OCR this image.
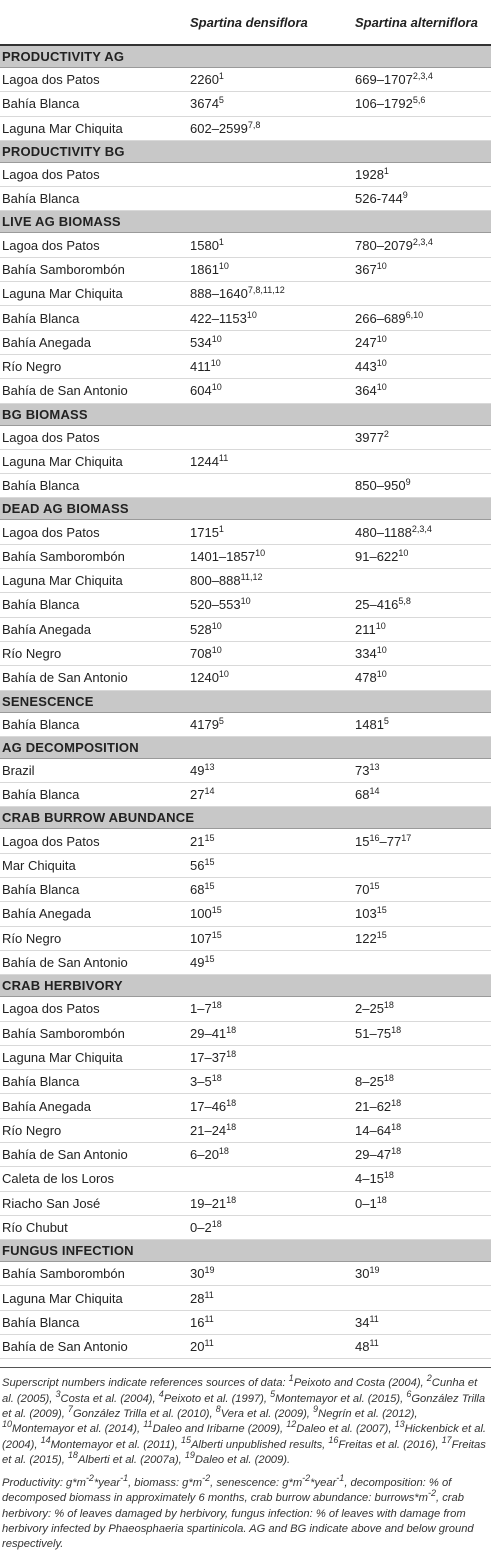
	Spartina densiflora	Spartina alterniflora
PRODUCTIVITY AG		
Lagoa dos Patos	2260$^1$	669–1707$^{2,3,4}$
Bahía Blanca	3674$^5$	106–1792$^{5,6}$
Laguna Mar Chiquita	602–2599$^{7,8}$	
PRODUCTIVITY BG		
Lagoa dos Patos		1928$^1$
Bahía Blanca		$526-744^9$
LIVE AG BIOMASS		
Lagoa dos Patos	1580$^1$	780–2079$^{2,3,4}$
Bahía Samborombón	1861$^{10}$	$367^{10}$
Laguna Mar Chiquita	888–1640$^{7,8,11,12}$	
Bahía Blanca	422–1153$^{10}$	266–689$^{6,10}$
Bahía Anegada	$534^{10}$	$247^{10}$
Río Negro	$411^{10}$	$443^{10}$
Bahía de San Antonio	$604^{10}$	$364^{10}$
BG BIOMASS		
Lagoa dos Patos		3977$^2$
Laguna Mar Chiquita	1244$^{11}$	
Bahía Blanca		$850-950^9$
DEAD AG BIOMASS		
Lagoa dos Patos	1715$^1$	480–1188$^{2,3,4}$
Bahía Samborombón	1401–1857$^{10}$	$91-622^{10}$
Laguna Mar Chiquita	800–888$^{11,12}$	
Bahía Blanca	$520-553^{10}$	25–416$^{5,8}$
Bahía Anegada	$528^{10}$	$211^{10}$
Río Negro	$708^{10}$	$334^{10}$
Bahía de San Antonio	1240$^{10}$	$478^{10}$
SENESCENCE		
Bahía Blanca	4179$^5$	1481$^5$
AG DECOMPOSITION		
Brazil	$49^{13}$	$73^{13}$
Bahía Blanca	$27^{14}$	$68^{14}$
CRAB BURROW ABUNDANCE		
Lagoa dos Patos	$21^{15}$	$15^{16}-77^{17}$
Mar Chiquita	$56^{15}$	
Bahía Blanca	$68^{15}$	$70^{15}$
Bahía Anegada	$100^{15}$	$103^{15}$
Río Negro	$107^{15}$	$122^{15}$
Bahía de San Antonio	$49^{15}$	
CRAB HERBIVORY		
Lagoa dos Patos	$1-7^{18}$	$2-25^{18}$
Bahía Samborombón	$29-41^{18}$	$51-75^{18}$
Laguna Mar Chiquita	$17-37^{18}$	
Bahía Blanca	$3-5^{18}$	$8-25^{18}$
Bahía Anegada	$17-46^{18}$	$21-62^{18}$
Río Negro	$21-24^{18}$	$14-64^{18}$
Bahía de San Antonio	$6-20^{18}$	$29-47^{18}$
Caleta de los Loros		$4-15^{18}$
Riacho San José	$19-21^{18}$	$0-1^{18}$
Río Chubut	$0-2^{18}$	
FUNGUS INFECTION		
Bahía Samborombón	$30^{19}$	$30^{19}$
Laguna Mar Chiquita	$28^{11}$	
Bahía Blanca	$16^{11}$	$34^{11}$
Bahía de San Antonio	$20^{11}$	$48^{11}$

Superscript numbers indicate references sources of data: $^1$Peixoto and Costa (2004), $^2$Cunha et al. (2005), $^3$Costa et al. (2004), $^4$Peixoto et al. (1997), $^5$Montemayor et al. (2015), $^6$González Trilla et al. (2009), $^7$González Trilla et al. (2010), $^8$Vera et al. (2009), $^9$Negrín et al. (2012), $^{10}$Montemayor et al. (2014), $^{11}$Daleo and Iribarne (2009), $^{12}$Daleo et al. (2007), $^{13}$Hickenbick et al. (2004), $^{14}$Montemayor et al. (2011), $^{15}$Alberti unpublished results, $^{16}$Freitas et al. (2016), $^{17}$Freitas et al. (2015), $^{18}$Alberti et al. (2007a), $^{19}$Daleo et al. (2009).

Productivity: $g*m^{-2}*year^{-1}$, biomass: $g*m^{-2}$, senescence: $g*m^{-2}*year^{-1}$, decomposition: % of decomposed biomass in approximately 6 months, crab burrow abundance: $burrows*m^{-2}$, crab herbivory: % of leaves damaged by herbivory, fungus infection: % of leaves with damage from herbivory infected by Phaeosphaeria spartinicola. AG and BG indicate above and below ground respectively.
